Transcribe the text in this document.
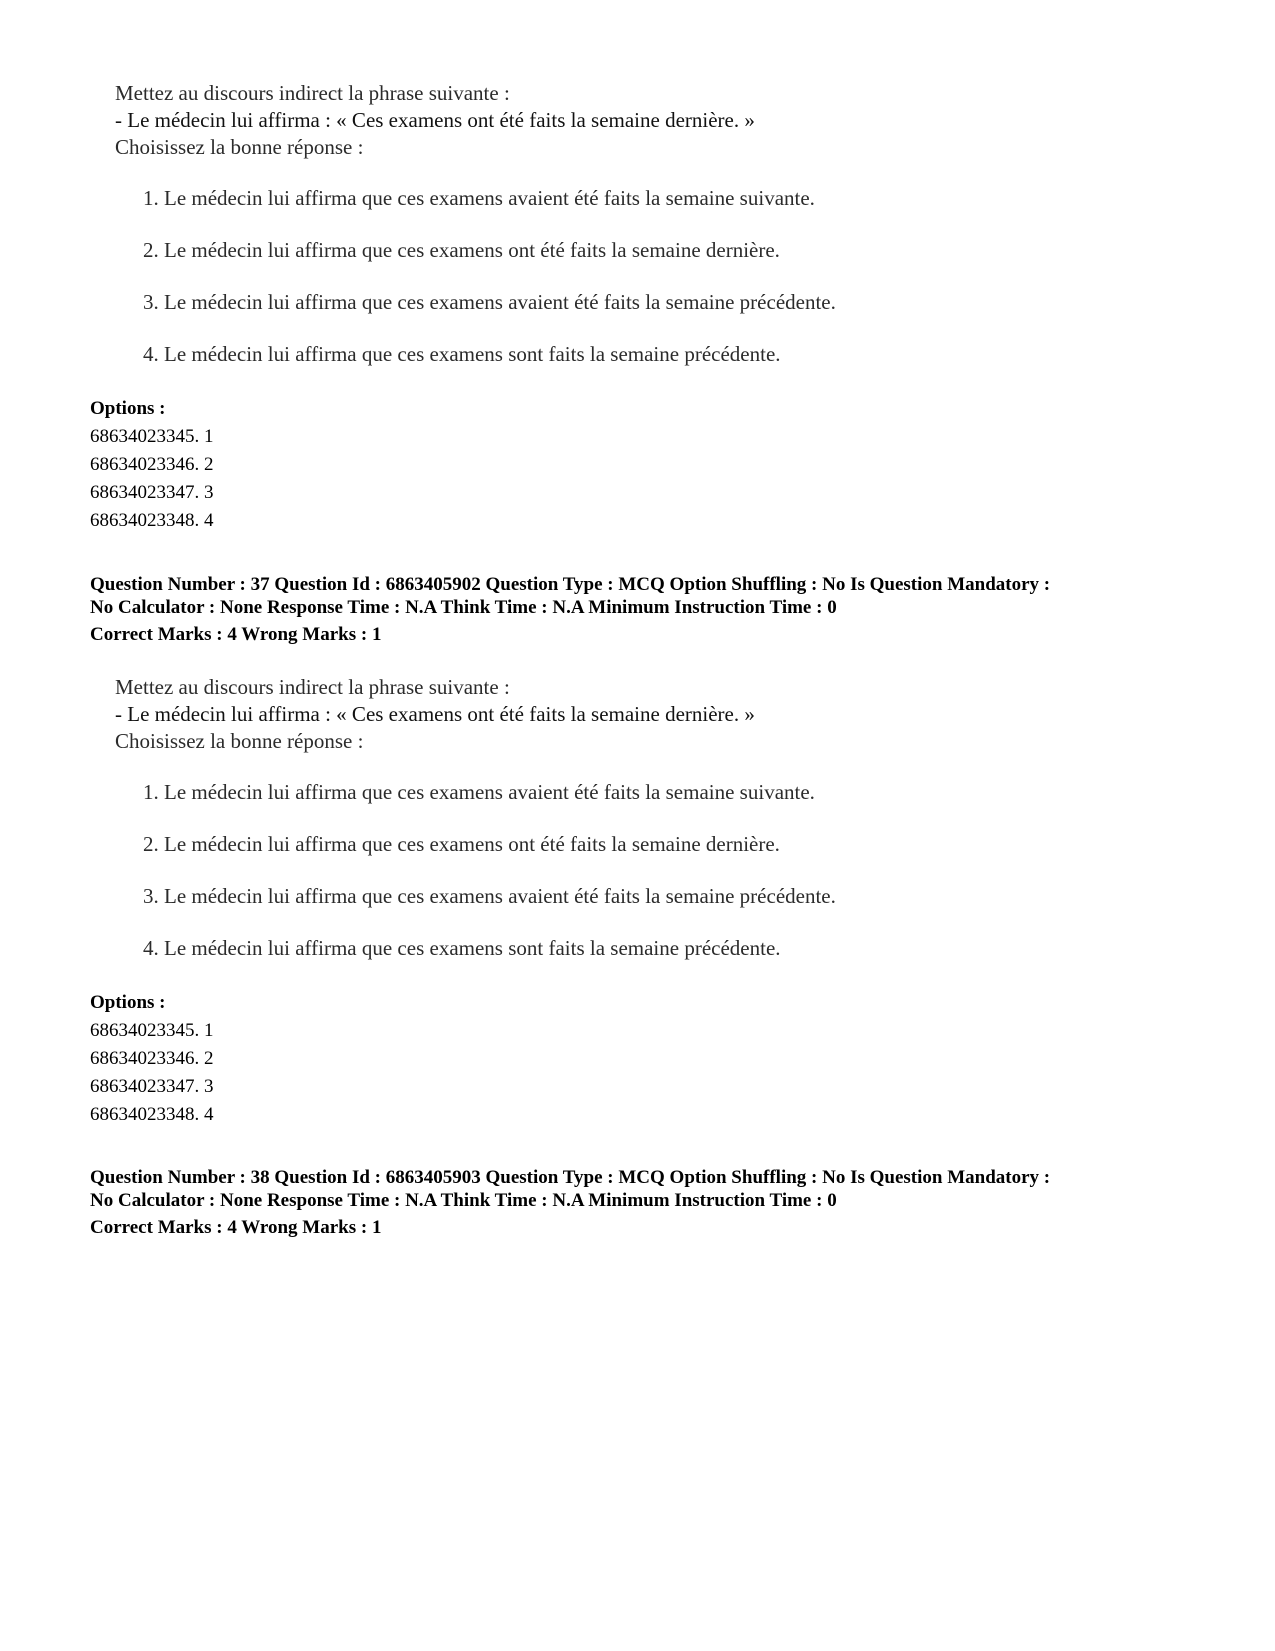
Mettez au discours indirect la phrase suivante :
- Le médecin lui affirma : « Ces examens ont été faits la semaine dernière. »
Choisissez la bonne réponse :
1. Le médecin lui affirma que ces examens avaient été faits la semaine suivante.
2. Le médecin lui affirma que ces examens ont été faits la semaine dernière.
3. Le médecin lui affirma que ces examens avaient été faits la semaine précédente.
4. Le médecin lui affirma que ces examens sont faits la semaine précédente.
Options :
68634023345. 1
68634023346. 2
68634023347. 3
68634023348. 4
Question Number : 37 Question Id : 6863405902 Question Type : MCQ Option Shuffling : No Is Question Mandatory :
No Calculator : None Response Time : N.A Think Time : N.A Minimum Instruction Time : 0
Correct Marks : 4 Wrong Marks : 1
Mettez au discours indirect la phrase suivante :
- Le médecin lui affirma : « Ces examens ont été faits la semaine dernière. »
Choisissez la bonne réponse :
1. Le médecin lui affirma que ces examens avaient été faits la semaine suivante.
2. Le médecin lui affirma que ces examens ont été faits la semaine dernière.
3. Le médecin lui affirma que ces examens avaient été faits la semaine précédente.
4. Le médecin lui affirma que ces examens sont faits la semaine précédente.
Options :
68634023345. 1
68634023346. 2
68634023347. 3
68634023348. 4
Question Number : 38 Question Id : 6863405903 Question Type : MCQ Option Shuffling : No Is Question Mandatory :
No Calculator : None Response Time : N.A Think Time : N.A Minimum Instruction Time : 0
Correct Marks : 4 Wrong Marks : 1
